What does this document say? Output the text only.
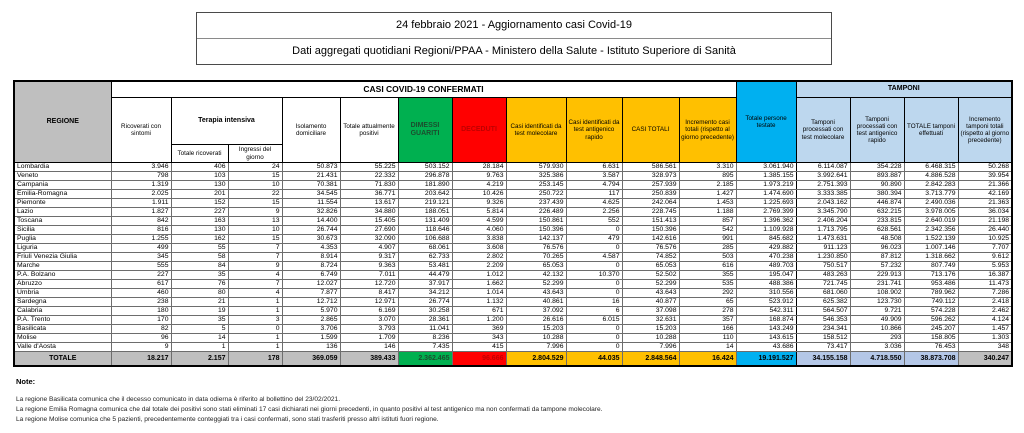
24 febbraio 2021 - Aggiornamento casi Covid-19
Dati aggregati quotidiani Regioni/PPAA - Ministero della Salute - Istituto Superiore di Sanità
REGIONE	CASI COVID-19 CONFERMATI											Totale persone testate	TAMPONI			
	Ricoverati con sintomi	Terapia intensiva		Isolamento domiciliare	Totale attualmente positivi	DIMESSI GUARITI	DECEDUTI	Casi identificati da test molecolare	Casi identificati da test antigenico rapido	CASI TOTALI	Incremento casi totali (rispetto al giorno precedente)		Tamponi processati con test molecolare	Tamponi processati con test antigenico rapido	TOTALE tamponi effettuati	Incremento tamponi totali (rispetto al giorno precedente)
		Totale ricoverati	Ingressi del giorno													
Lombardia	3.946	406	24	50.873	55.225	503.152	28.184	579.930	6.631	586.561	3.310	3.061.940	6.114.087	354.228	6.468.315	50.268
Veneto	798	103	15	21.431	22.332	296.878	9.763	325.386	3.587	328.973	895	1.385.155	3.992.641	893.887	4.886.528	39.954
Campania	1.319	130	10	70.381	71.830	181.890	4.219	253.145	4.794	257.939	2.185	1.973.219	2.751.393	90.890	2.842.283	21.366
Emilia-Romagna	2.025	201	22	34.545	36.771	203.642	10.426	250.722	117	250.839	1.427	1.474.690	3.333.385	380.394	3.713.779	42.169
Piemonte	1.911	152	15	11.554	13.617	219.121	9.326	237.439	4.625	242.064	1.453	1.225.693	2.043.162	446.874	2.490.036	21.363
Lazio	1.827	227	9	32.826	34.880	188.051	5.814	226.489	2.256	228.745	1.188	2.769.399	3.345.790	632.215	3.978.005	36.034
Toscana	842	163	13	14.400	15.405	131.409	4.599	150.861	552	151.413	857	1.396.362	2.406.204	233.815	2.640.019	21.198
Sicilia	816	130	10	26.744	27.690	118.646	4.060	150.396	0	150.396	542	1.109.928	1.713.795	628.561	2.342.356	26.440
Puglia	1.255	162	15	30.673	32.090	106.688	3.838	142.137	479	142.616	991	845.682	1.473.631	48.508	1.522.139	10.925
Liguria	499	55	7	4.353	4.907	68.061	3.608	76.576	0	76.576	285	429.882	911.123	96.023	1.007.146	7.707
Friuli Venezia Giulia	345	58	7	8.914	9.317	62.733	2.802	70.265	4.587	74.852	503	470.238	1.230.850	87.812	1.318.662	9.612
Marche	555	84	9	8.724	9.363	53.481	2.209	65.053	0	65.053	616	489.703	750.517	57.232	807.749	5.953
P.A. Bolzano	227	35	4	6.749	7.011	44.479	1.012	42.132	10.370	52.502	355	195.047	483.263	229.913	713.176	16.387
Abruzzo	617	76	7	12.027	12.720	37.917	1.662	52.299	0	52.299	535	488.386	721.745	231.741	953.486	11.473
Umbria	460	80	4	7.877	8.417	34.212	1.014	43.643	0	43.643	292	310.556	681.060	108.902	789.962	7.286
Sardegna	238	21	1	12.712	12.971	26.774	1.132	40.861	16	40.877	65	523.912	625.382	123.730	749.112	2.418
Calabria	180	19	1	5.970	6.169	30.258	671	37.092	6	37.098	278	542.311	564.507	9.721	574.228	2.462
P.A. Trento	170	35	3	2.865	3.070	28.361	1.200	26.616	6.015	32.631	357	168.874	546.353	49.909	596.262	4.124
Basilicata	82	5	0	3.706	3.793	11.041	369	15.203	0	15.203	166	143.249	234.341	10.866	245.207	1.457
Molise	96	14	1	1.599	1.709	8.236	343	10.288	0	10.288	110	143.615	158.512	293	158.805	1.303
Valle d'Aosta	9	1	1	136	146	7.435	415	7.996	0	7.996	14	43.686	73.417	3.036	76.453	348
TOTALE	18.217	2.157	178	369.059	389.433	2.362.465	96.666	2.804.529	44.035	2.848.564	16.424	19.191.527	34.155.158	4.718.550	38.873.708	340.247
Note:
La regione Basilicata comunica che il decesso comunicato in data odierna è riferito al bollettino del 23/02/2021.
La regione Emilia Romagna comunica che dal totale dei positivi sono stati eliminati 17 casi dichiarati nei giorni precedenti, in quanto positivi al test antigenico ma non confermati da tampone molecolare.
La regione Molise comunica che 5 pazienti, precedentemente conteggiati tra i casi confermati, sono stati trasferiti presso altri istituti fuori regione.
